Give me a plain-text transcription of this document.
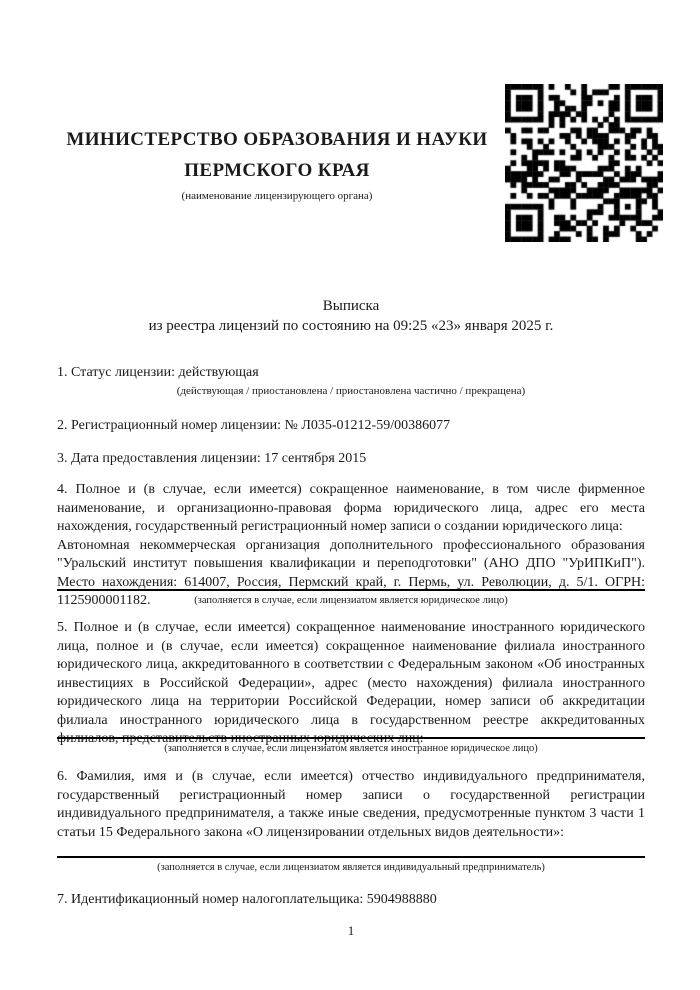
МИНИСТЕРСТВО ОБРАЗОВАНИЯ И НАУКИ
ПЕРМСКОГО КРАЯ
(наименование лицензирующего органа)
Выписка
из реестра лицензий по состоянию на 09:25 «23» января 2025 г.
1. Статус лицензии: действующая
(действующая / приостановлена / приостановлена частично / прекращена)
2. Регистрационный номер лицензии: № Л035-01212-59/00386077
3. Дата предоставления лицензии: 17 сентября 2015
4. Полное и (в случае, если имеется) сокращенное наименование, в том числе фирменное наименование, и организационно-правовая форма юридического лица, адрес его места нахождения, государственный регистрационный номер записи о создании юридического лица:
Автономная некоммерческая организация дополнительного профессионального образования "Уральский институт повышения квалификации и переподготовки" (АНО ДПО "УрИПКиП"). Место нахождения: 614007, Россия, Пермский край, г. Пермь, ул. Революции, д. 5/1. ОГРН: 1125900001182.	(заполняется в случае, если лицензиатом является юридическое лицо)
5. Полное и (в случае, если имеется) сокращенное наименование иностранного юридического лица, полное и (в случае, если имеется) сокращенное наименование филиала иностранного юридического лица, аккредитованного в соответствии с Федеральным законом «Об иностранных инвестициях в Российской Федерации», адрес (место нахождения) филиала иностранного юридического лица на территории Российской Федерации, номер записи об аккредитации филиала иностранного юридического лица в государственном реестре аккредитованных филиалов, представительств иностранных юридических лиц:
(заполняется в случае, если лицензиатом является иностранное юридическое лицо)
6. Фамилия, имя и (в случае, если имеется) отчество индивидуального предпринимателя, государственный регистрационный номер записи о государственной регистрации индивидуального предпринимателя, а также иные сведения, предусмотренные пунктом 3 части 1 статьи 15 Федерального закона «О лицензировании отдельных видов деятельности»:
(заполняется в случае, если лицензиатом является индивидуальный предприниматель)
7. Идентификационный номер налогоплательщика: 5904988880
1
